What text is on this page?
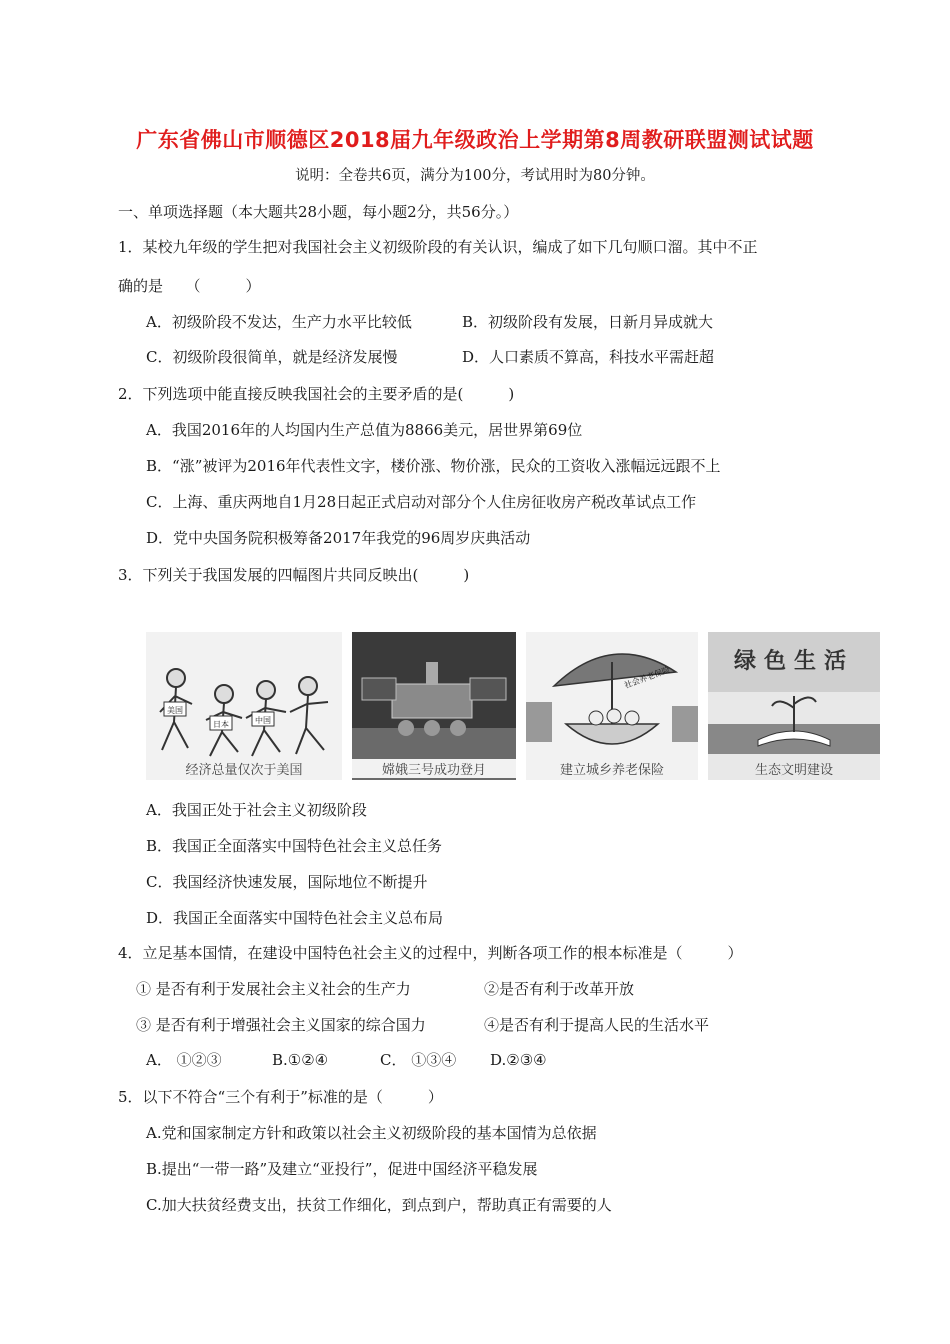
广东省佛山市顺德区2018届九年级政治上学期第8周教研联盟测试试题
说明：全卷共6页，满分为100分，考试用时为80分钟。
一、单项选择题（本大题共28小题，每小题2分，共56分。）
1．某校九年级的学生把对我国社会主义初级阶段的有关认识，编成了如下几句顺口溜。其中不正
确的是　　（　　　）
A．初级阶段不发达，生产力水平比较低	B．初级阶段有发展，日新月异成就大
C．初级阶段很简单，就是经济发展慢	D．人口素质不算高，科技水平需赶超
2．下列选项中能直接反映我国社会的主要矛盾的是(　　　)
A．我国2016年的人均国内生产总值为8866美元，居世界第69位
B．“涨”被评为2016年代表性文字，楼价涨、物价涨，民众的工资收入涨幅远远跟不上
C．上海、重庆两地自1月28日起正式启动对部分个人住房征收房产税改革试点工作
D．党中央国务院积极筹备2017年我党的96周岁庆典活动
3．下列关于我国发展的四幅图片共同反映出(　　　)
美国
日本	中国
经济总量仅次于美国	嫦娥三号成功登月
社会养老保险
建立城乡养老保险
绿色生活
生态文明建设
A．我国正处于社会主义初级阶段
B．我国正全面落实中国特色社会主义总任务
C．我国经济快速发展，国际地位不断提升
D．我国正全面落实中国特色社会主义总布局
4．立足基本国情，在建设中国特色社会主义的过程中，判断各项工作的根本标准是（　　　）
① 是否有利于发展社会主义社会的生产力	②是否有利于改革开放
③ 是否有利于增强社会主义国家的综合国力	④是否有利于提高人民的生活水平
A． ①②③	B.①②④	C． ①③④ D.②③④
5．以下不符合“三个有利于”标准的是（　　　）
A.党和国家制定方针和政策以社会主义初级阶段的基本国情为总依据
B.提出“一带一路”及建立“亚投行”，促进中国经济平稳发展
C.加大扶贫经费支出，扶贫工作细化，到点到户，帮助真正有需要的人
